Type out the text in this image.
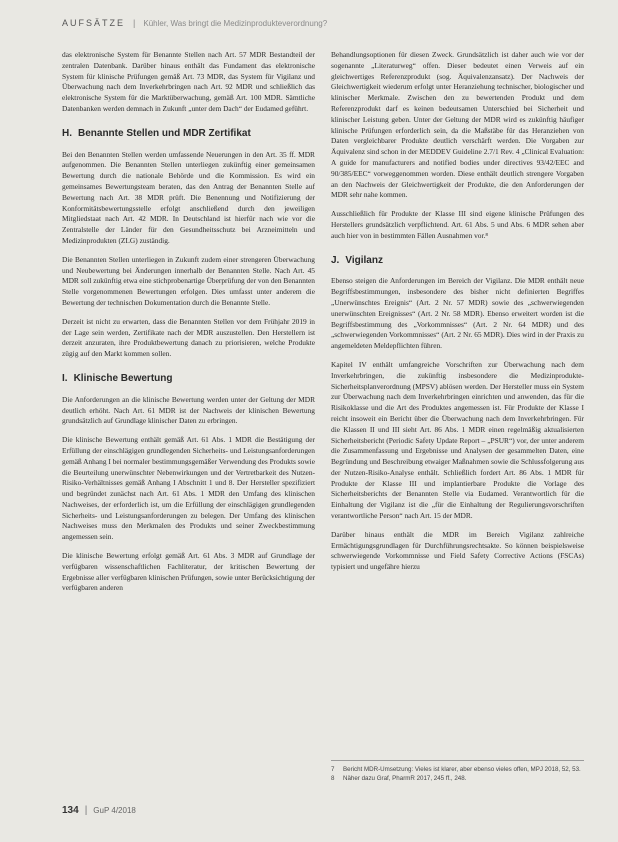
AUFSÄTZE | Kühler, Was bringt die Medizinprodukteverordnung?

das elektronische System für Benannte Stellen nach Art. 57 MDR Bestandteil der zentralen Datenbank. Darüber hinaus enthält das Fundament das elektronische System für klinische Prüfungen gemäß Art. 73 MDR, das System für Vigilanz und Überwachung nach dem Inverkehrbringen nach Art. 92 MDR und schließlich das elektronische System für die Marktüberwachung, gemäß Art. 100 MDR. Sämtliche Datenbanken werden demnach in Zukunft „unter dem Dach“ der Eudamed geführt.

H. Benannte Stellen und MDR Zertifikat

Bei den Benannten Stellen werden umfassende Neuerungen in den Art. 35 ff. MDR aufgenommen. Die Benannten Stellen unterliegen zukünftig einer gemeinsamen Bewertung durch die nationale Behörde und die Kommission. Es wird ein gemeinsames Bewertungsteam beraten, das den Antrag der Benannten Stelle auf Bewertung nach Art. 38 MDR prüft. Die Benennung und Notifizierung der Konformitätsbewertungsstelle erfolgt anschließend durch den jeweiligen Mitgliedstaat nach Art. 42 MDR. In Deutschland ist hierfür nach wie vor die Zentralstelle der Länder für den Gesundheitsschutz bei Arzneimitteln und Medizinprodukten (ZLG) zuständig.

Die Benannten Stellen unterliegen in Zukunft zudem einer strengeren Überwachung und Neubewertung bei Änderungen innerhalb der Benannten Stelle. Nach Art. 45 MDR soll zukünftig etwa eine stichprobenartige Überprüfung der von den Benannten Stelle vorgenommenen Bewertungen erfolgen. Dies umfasst unter anderem die Bewertung der technischen Dokumentation durch die Benannte Stelle.

Derzeit ist nicht zu erwarten, dass die Benannten Stellen vor dem Frühjahr 2019 in der Lage sein werden, Zertifikate nach der MDR auszustellen. Den Herstellern ist derzeit anzuraten, ihre Produktbewertung danach zu priorisieren, welche Produkte zügig auf den Markt kommen sollen.

I. Klinische Bewertung

Die Anforderungen an die klinische Bewertung werden unter der Geltung der MDR deutlich erhöht. Nach Art. 61 MDR ist der Nachweis der klinischen Bewertung grundsätzlich auf Grundlage klinischer Daten zu erbringen.

Die klinische Bewertung enthält gemäß Art. 61 Abs. 1 MDR die Bestätigung der Erfüllung der einschlägigen grundlegenden Sicherheits- und Leistungsanforderungen gemäß Anhang I bei normaler bestimmungsgemäßer Verwendung des Produkts sowie die Beurteilung unerwünschter Nebenwirkungen und der Vertretbarkeit des Nutzen-Risiko-Verhältnisses gemäß Anhang I Abschnitt 1 und 8. Der Hersteller spezifiziert und begründet zunächst nach Art. 61 Abs. 1 MDR den Umfang des klinischen Nachweises, der erforderlich ist, um die Erfüllung der einschlägigen grundlegenden Sicherheits- und Leistungsanforderungen zu belegen. Der Umfang des klinischen Nachweises muss den Merkmalen des Produkts und seiner Zweckbestimmung angemessen sein.

Die klinische Bewertung erfolgt gemäß Art. 61 Abs. 3 MDR auf Grundlage der verfügbaren wissenschaftlichen Fachliteratur, der kritischen Bewertung der Ergebnisse aller verfügbaren klinischen Prüfungen, sowie unter Berücksichtigung der verfügbaren anderen

Behandlungsoptionen für diesen Zweck. Grundsätzlich ist daher auch wie vor der sogenannte „Literaturweg“ offen. Dieser bedeutet einen Verweis auf ein gleichwertiges Referenzprodukt (sog. Äquivalenzansatz). Der Nachweis der Gleichwertigkeit wiederum erfolgt unter Heranziehung technischer, biologischer und klinischer Merkmale. Zwischen den zu bewertenden Produkt und dem Referenzprodukt darf es keinen bedeutsamen Unterschied bei Sicherheit und klinischer Leistung geben. Unter der Geltung der MDR wird es zukünftig häufiger klinische Prüfungen erforderlich sein, da die Maßstäbe für das Heranziehen von Daten vergleichbarer Produkte deutlich verschärft werden. Die Vorgaben zur Äquivalenz sind schon in der MEDDEV Guideline 2.7/1 Rev. 4 „Clinical Evaluation: A guide for manufacturers and notified bodies under directives 93/42/EEC and 90/385/EEC“ vorweggenommen worden. Diese enthält deutlich strengere Vorgaben an den Nachweis der Gleichwertigkeit der Produkte, die den Anforderungen der MDR sehr nahe kommen.

Ausschließlich für Produkte der Klasse III sind eigene klinische Prüfungen des Herstellers grundsätzlich verpflichtend. Art. 61 Abs. 5 und Abs. 6 MDR sehen aber auch hier von in bestimmten Fällen Ausnahmen vor.⁸

J. Vigilanz

Ebenso steigen die Anforderungen im Bereich der Vigilanz. Die MDR enthält neue Begriffsbestimmungen, insbesondere des bisher nicht definierten Begriffes „Unerwünschtes Ereignis“ (Art. 2 Nr. 57 MDR) sowie des „schwerwiegenden unerwünschten Ereignisses“ (Art. 2 Nr. 58 MDR). Ebenso erweitert worden ist die Begriffsbestimmung des „Vorkommnisses“ (Art. 2 Nr. 64 MDR) und des „schwerwiegenden Vorkommnisses“ (Art. 2 Nr. 65 MDR). Dies wird in der Praxis zu angemeldeten Meldepflichten führen.

Kapitel IV enthält umfangreiche Vorschriften zur Überwachung nach dem Inverkehrbringen, die zukünftig insbesondere die Medizinprodukte-Sicherheitsplanverordnung (MPSV) ablösen werden. Der Hersteller muss ein System zur Überwachung nach dem Inverkehrbringen einrichten und anwenden, das für die Risikoklasse und die Art des Produktes angemessen ist. Für Produkte der Klasse I reicht insoweit ein Bericht über die Überwachung nach dem Inverkehrbringen. Für die Klassen II und III sieht Art. 86 Abs. 1 MDR einen regelmäßig aktualisierten Sicherheitsbericht (Periodic Safety Update Report – „PSUR“) vor, der unter anderem die Zusammenfassung und Ergebnisse und Analysen der gesammelten Daten, eine Begründung und Beschreibung etwaiger Maßnahmen sowie die Schlussfolgerung aus der Nutzen-Risiko-Analyse enthält. Schließlich fordert Art. 86 Abs. 1 MDR für Produkte der Klasse III und implantierbare Produkte die Vorlage des Sicherheitsberichts der Benannten Stelle via Eudamed. Verantwortlich für die Einhaltung der Vigilanz ist die „für die Einhaltung der Regulierungsvorschriften verantwortliche Person“ nach Art. 15 der MDR.

Darüber hinaus enthält die MDR im Bereich Vigilanz zahlreiche Ermächtigungsgrundlagen für Durchführungsrechtsakte. So können beispielsweise schwerwiegende Vorkommnisse und Field Safety Corrective Actions (FSCAs) typisiert und ungefähre hierzu

7	Bericht MDR-Umsetzung: Vieles ist klarer, aber ebenso vieles offen, MPJ 2018, 52, 53.
8	Näher dazu Graf, PharmR 2017, 245 ff., 248.
134 | GuP 4/2018
